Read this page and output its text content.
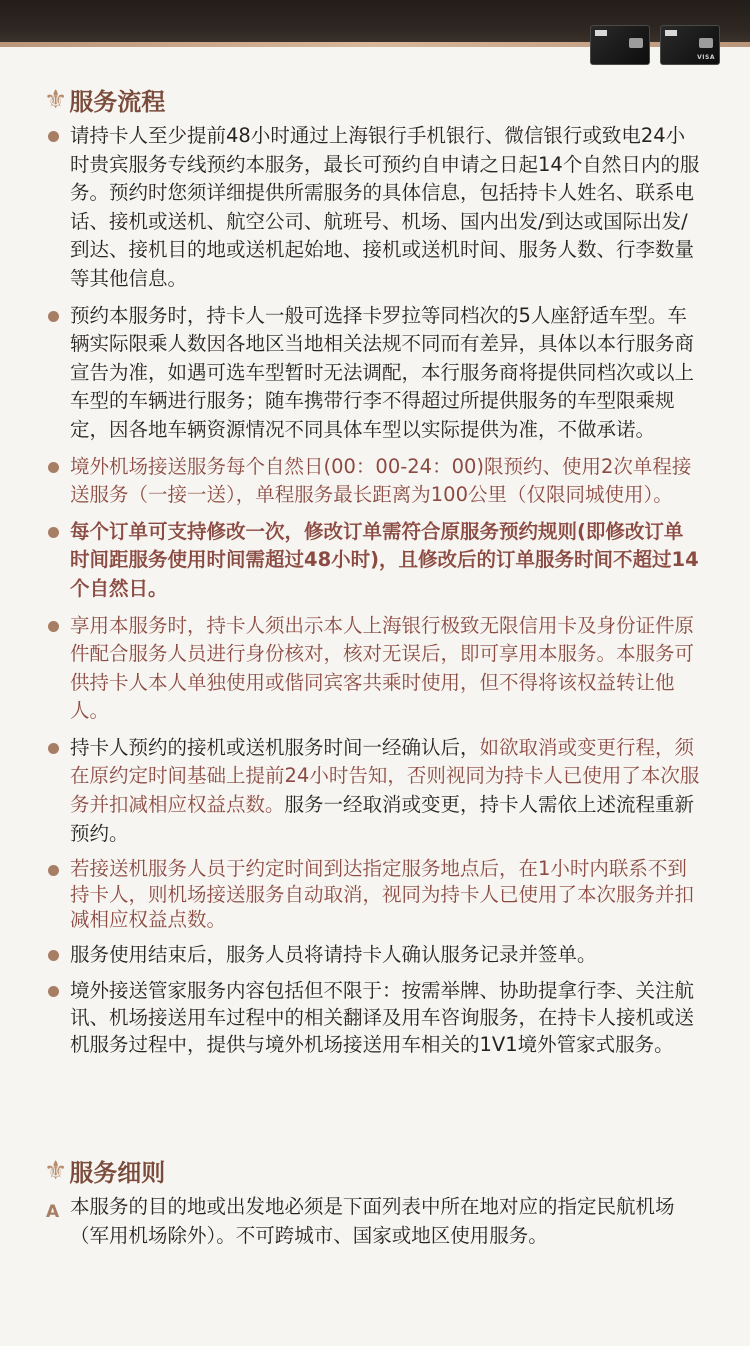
VISA
⚜ 服务流程
请持卡人至少提前48小时通过上海银行手机银行、微信银行或致电24小时贵宾服务专线预约本服务，最长可预约自申请之日起14个自然日内的服务。预约时您须详细提供所需服务的具体信息，包括持卡人姓名、联系电话、接机或送机、航空公司、航班号、机场、国内出发/到达或国际出发/到达、接机目的地或送机起始地、接机或送机时间、服务人数、行李数量等其他信息。
预约本服务时，持卡人一般可选择卡罗拉等同档次的5人座舒适车型。车辆实际限乘人数因各地区当地相关法规不同而有差异，具体以本行服务商宣告为准，如遇可选车型暂时无法调配，本行服务商将提供同档次或以上车型的车辆进行服务；随车携带行李不得超过所提供服务的车型限乘规定，因各地车辆资源情况不同具体车型以实际提供为准，不做承诺。
境外机场接送服务每个自然日(00：00-24：00)限预约、使用2次单程接送服务（一接一送），单程服务最长距离为100公里（仅限同城使用）。
每个订单可支持修改一次，修改订单需符合原服务预约规则(即修改订单时间距服务使用时间需超过48小时)，且修改后的订单服务时间不超过14个自然日。
享用本服务时，持卡人须出示本人上海银行极致无限信用卡及身份证件原件配合服务人员进行身份核对，核对无误后，即可享用本服务。本服务可供持卡人本人单独使用或偕同宾客共乘时使用，但不得将该权益转让他人。
持卡人预约的接机或送机服务时间一经确认后，如欲取消或变更行程，须在原约定时间基础上提前24小时告知，否则视同为持卡人已使用了本次服务并扣减相应权益点数。服务一经取消或变更，持卡人需依上述流程重新预约。
若接送机服务人员于约定时间到达指定服务地点后，在1小时内联系不到持卡人，则机场接送服务自动取消，视同为持卡人已使用了本次服务并扣减相应权益点数。
服务使用结束后，服务人员将请持卡人确认服务记录并签单。
境外接送管家服务内容包括但不限于：按需举牌、协助提拿行李、关注航讯、机场接送用车过程中的相关翻译及用车咨询服务，在持卡人接机或送机服务过程中，提供与境外机场接送用车相关的1V1境外管家式服务。
⚜ 服务细则
A 本服务的目的地或出发地必须是下面列表中所在地对应的指定民航机场（军用机场除外）。不可跨城市、国家或地区使用服务。
